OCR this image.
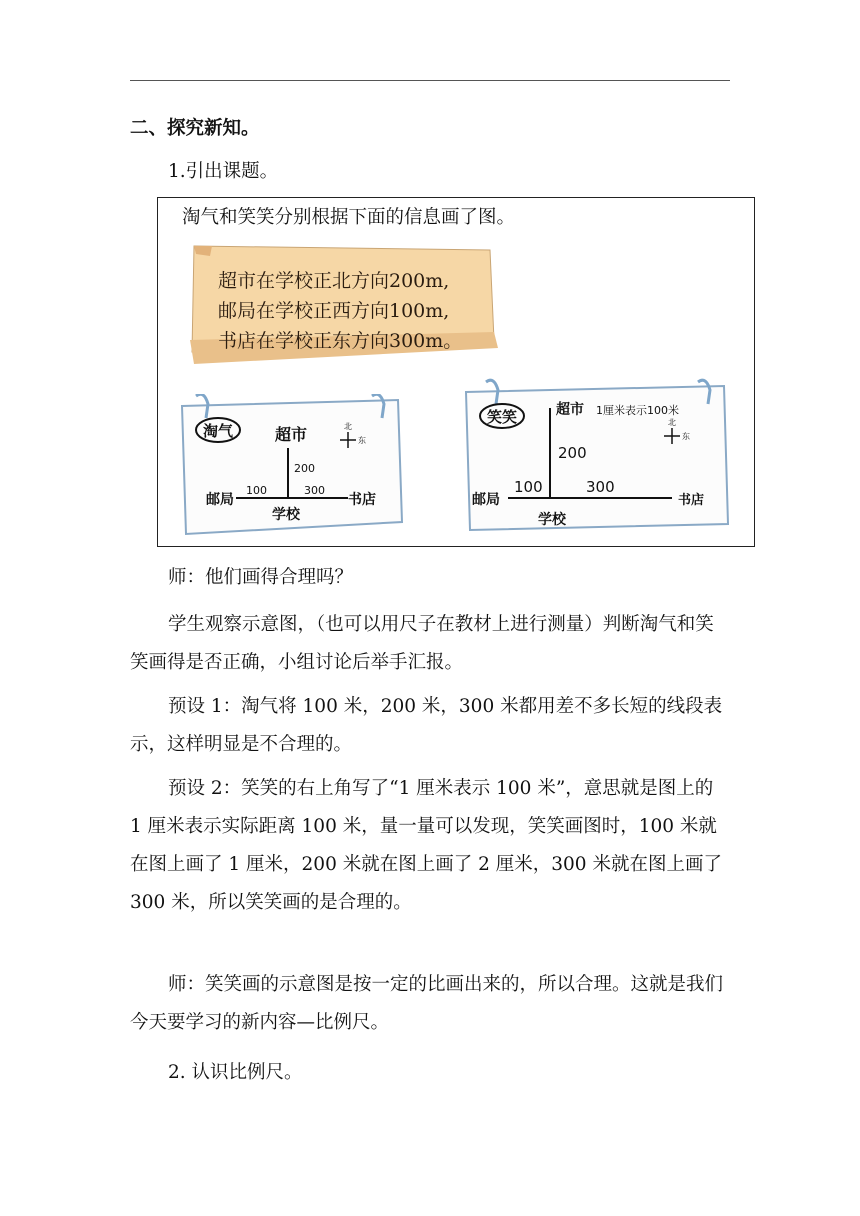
二、探究新知。

1.引出课题。

淘气和笑笑分别根据下面的信息画了图。
超市在学校正北方向200m,
邮局在学校正西方向100m,
书店在学校正东方向300m。
淘气	超市
200
100	300
邮局	书店
学校
北
东
笑笑	超市 1厘米表示100米
200
100	300
邮局	书店
学校
北
东

师：他们画得合理吗？

学生观察示意图，（也可以用尺子在教材上进行测量）判断淘气和笑笑画得是否正确，小组讨论后举手汇报。

预设 1：淘气将 100 米，200 米，300 米都用差不多长短的线段表示，这样明显是不合理的。

预设 2：笑笑的右上角写了“1 厘米表示 100 米”，意思就是图上的 1 厘米表示实际距离 100 米，量一量可以发现，笑笑画图时，100 米就在图上画了 1 厘米，200 米就在图上画了 2 厘米，300 米就在图上画了 300 米，所以笑笑画的是合理的。

师：笑笑画的示意图是按一定的比画出来的，所以合理。这就是我们今天要学习的新内容—比例尺。

2. 认识比例尺。
